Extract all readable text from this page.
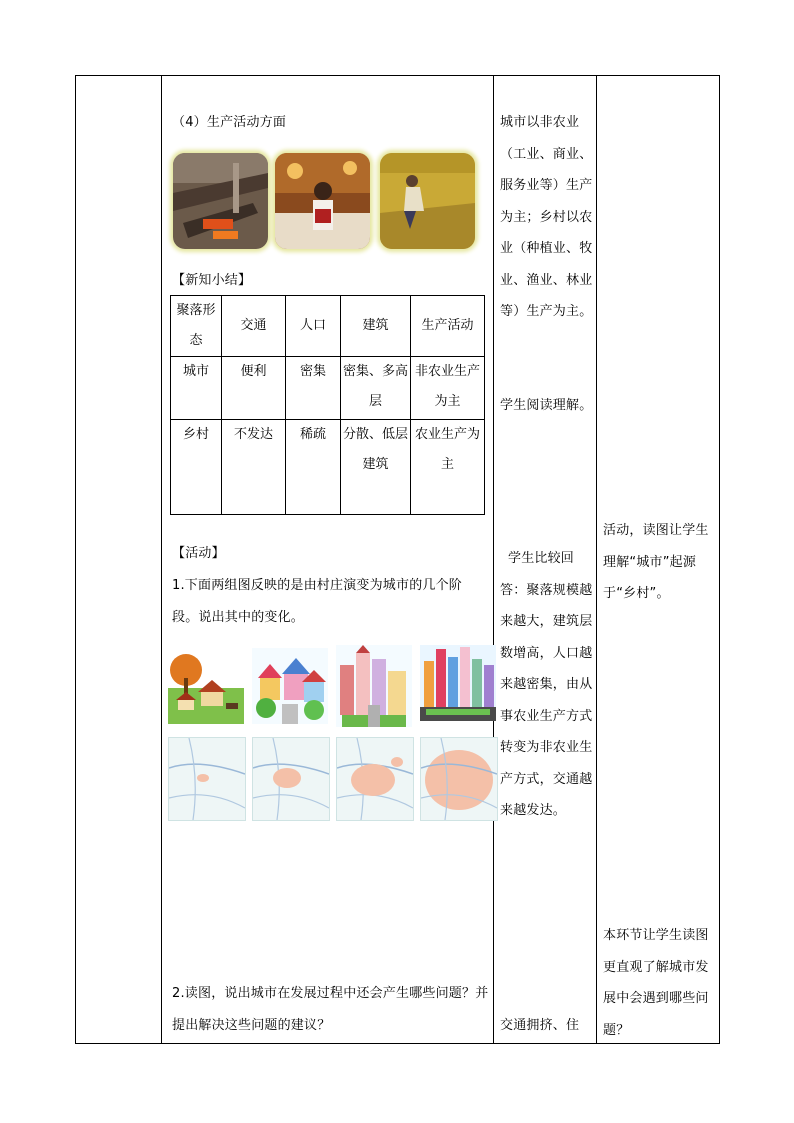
（4）生产活动方面
【新知小结】
聚落形态	交通	人口	建筑	生产活动
城市	便利	密集	密集、多高层	非农业生产为主
乡村	不发达	稀疏	分散、低层建筑	农业生产为主
【活动】
1.下面两组图反映的是由村庄演变为城市的几个阶段。说出其中的变化。
2.读图，说出城市在发展过程中还会产生哪些问题？并提出解决这些问题的建议？
城市以非农业（工业、商业、服务业等）生产为主；乡村以农业（种植业、牧业、渔业、林业等）生产为主。
学生阅读理解。
学生比较回答：聚落规模越来越大，建筑层数增高，人口越来越密集，由从事农业生产方式转变为非农业生产方式，交通越来越发达。
交通拥挤、住
活动，读图让学生理解“城市”起源于“乡村”。
本环节让学生读图更直观了解城市发展中会遇到哪些问题？
